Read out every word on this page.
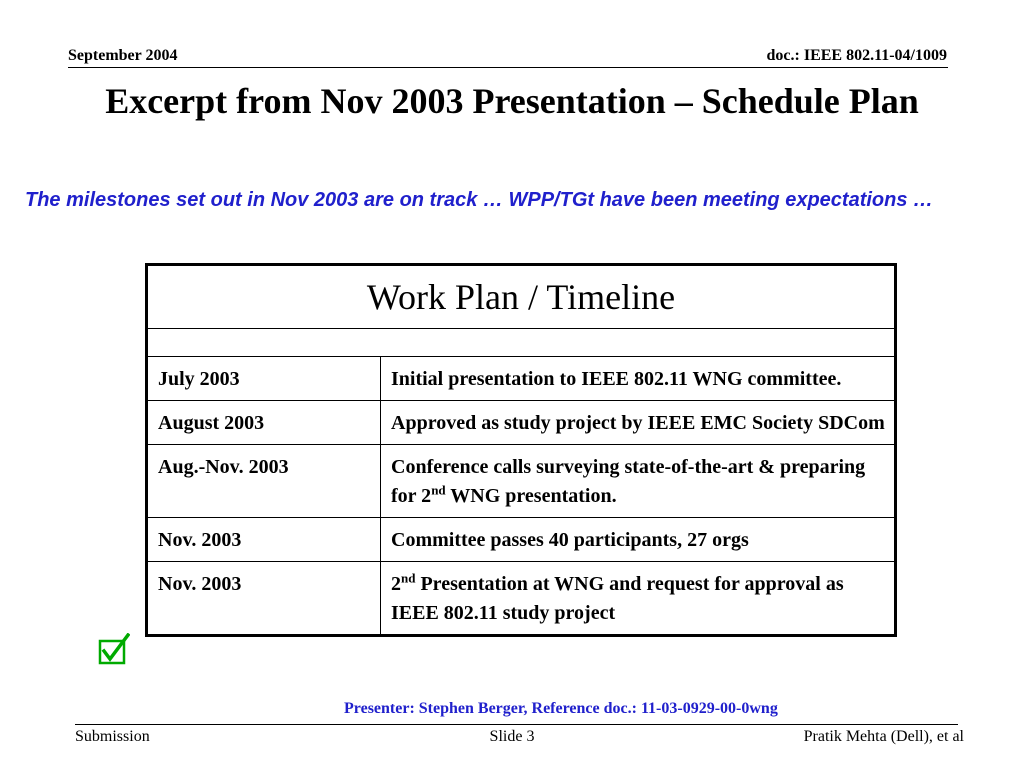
September 2004	doc.: IEEE 802.11-04/1009
Excerpt from Nov 2003 Presentation – Schedule Plan
The milestones set out in Nov 2003 are on track … WPP/TGt have been meeting expectations …
Work Plan / Timeline	

July 2003	Initial presentation to IEEE 802.11 WNG committee.
August 2003	Approved as study project by IEEE EMC Society SDCom
Aug.-Nov. 2003	Conference calls surveying state-of-the-art & preparing for 2nd WNG presentation.
Nov. 2003	Committee passes 40 participants, 27 orgs
Nov. 2003	2nd Presentation at WNG and request for approval as IEEE 802.11 study project
Presenter: Stephen Berger, Reference doc.: 11-03-0929-00-0wng
Submission	Slide 3	Pratik Mehta (Dell), et al
